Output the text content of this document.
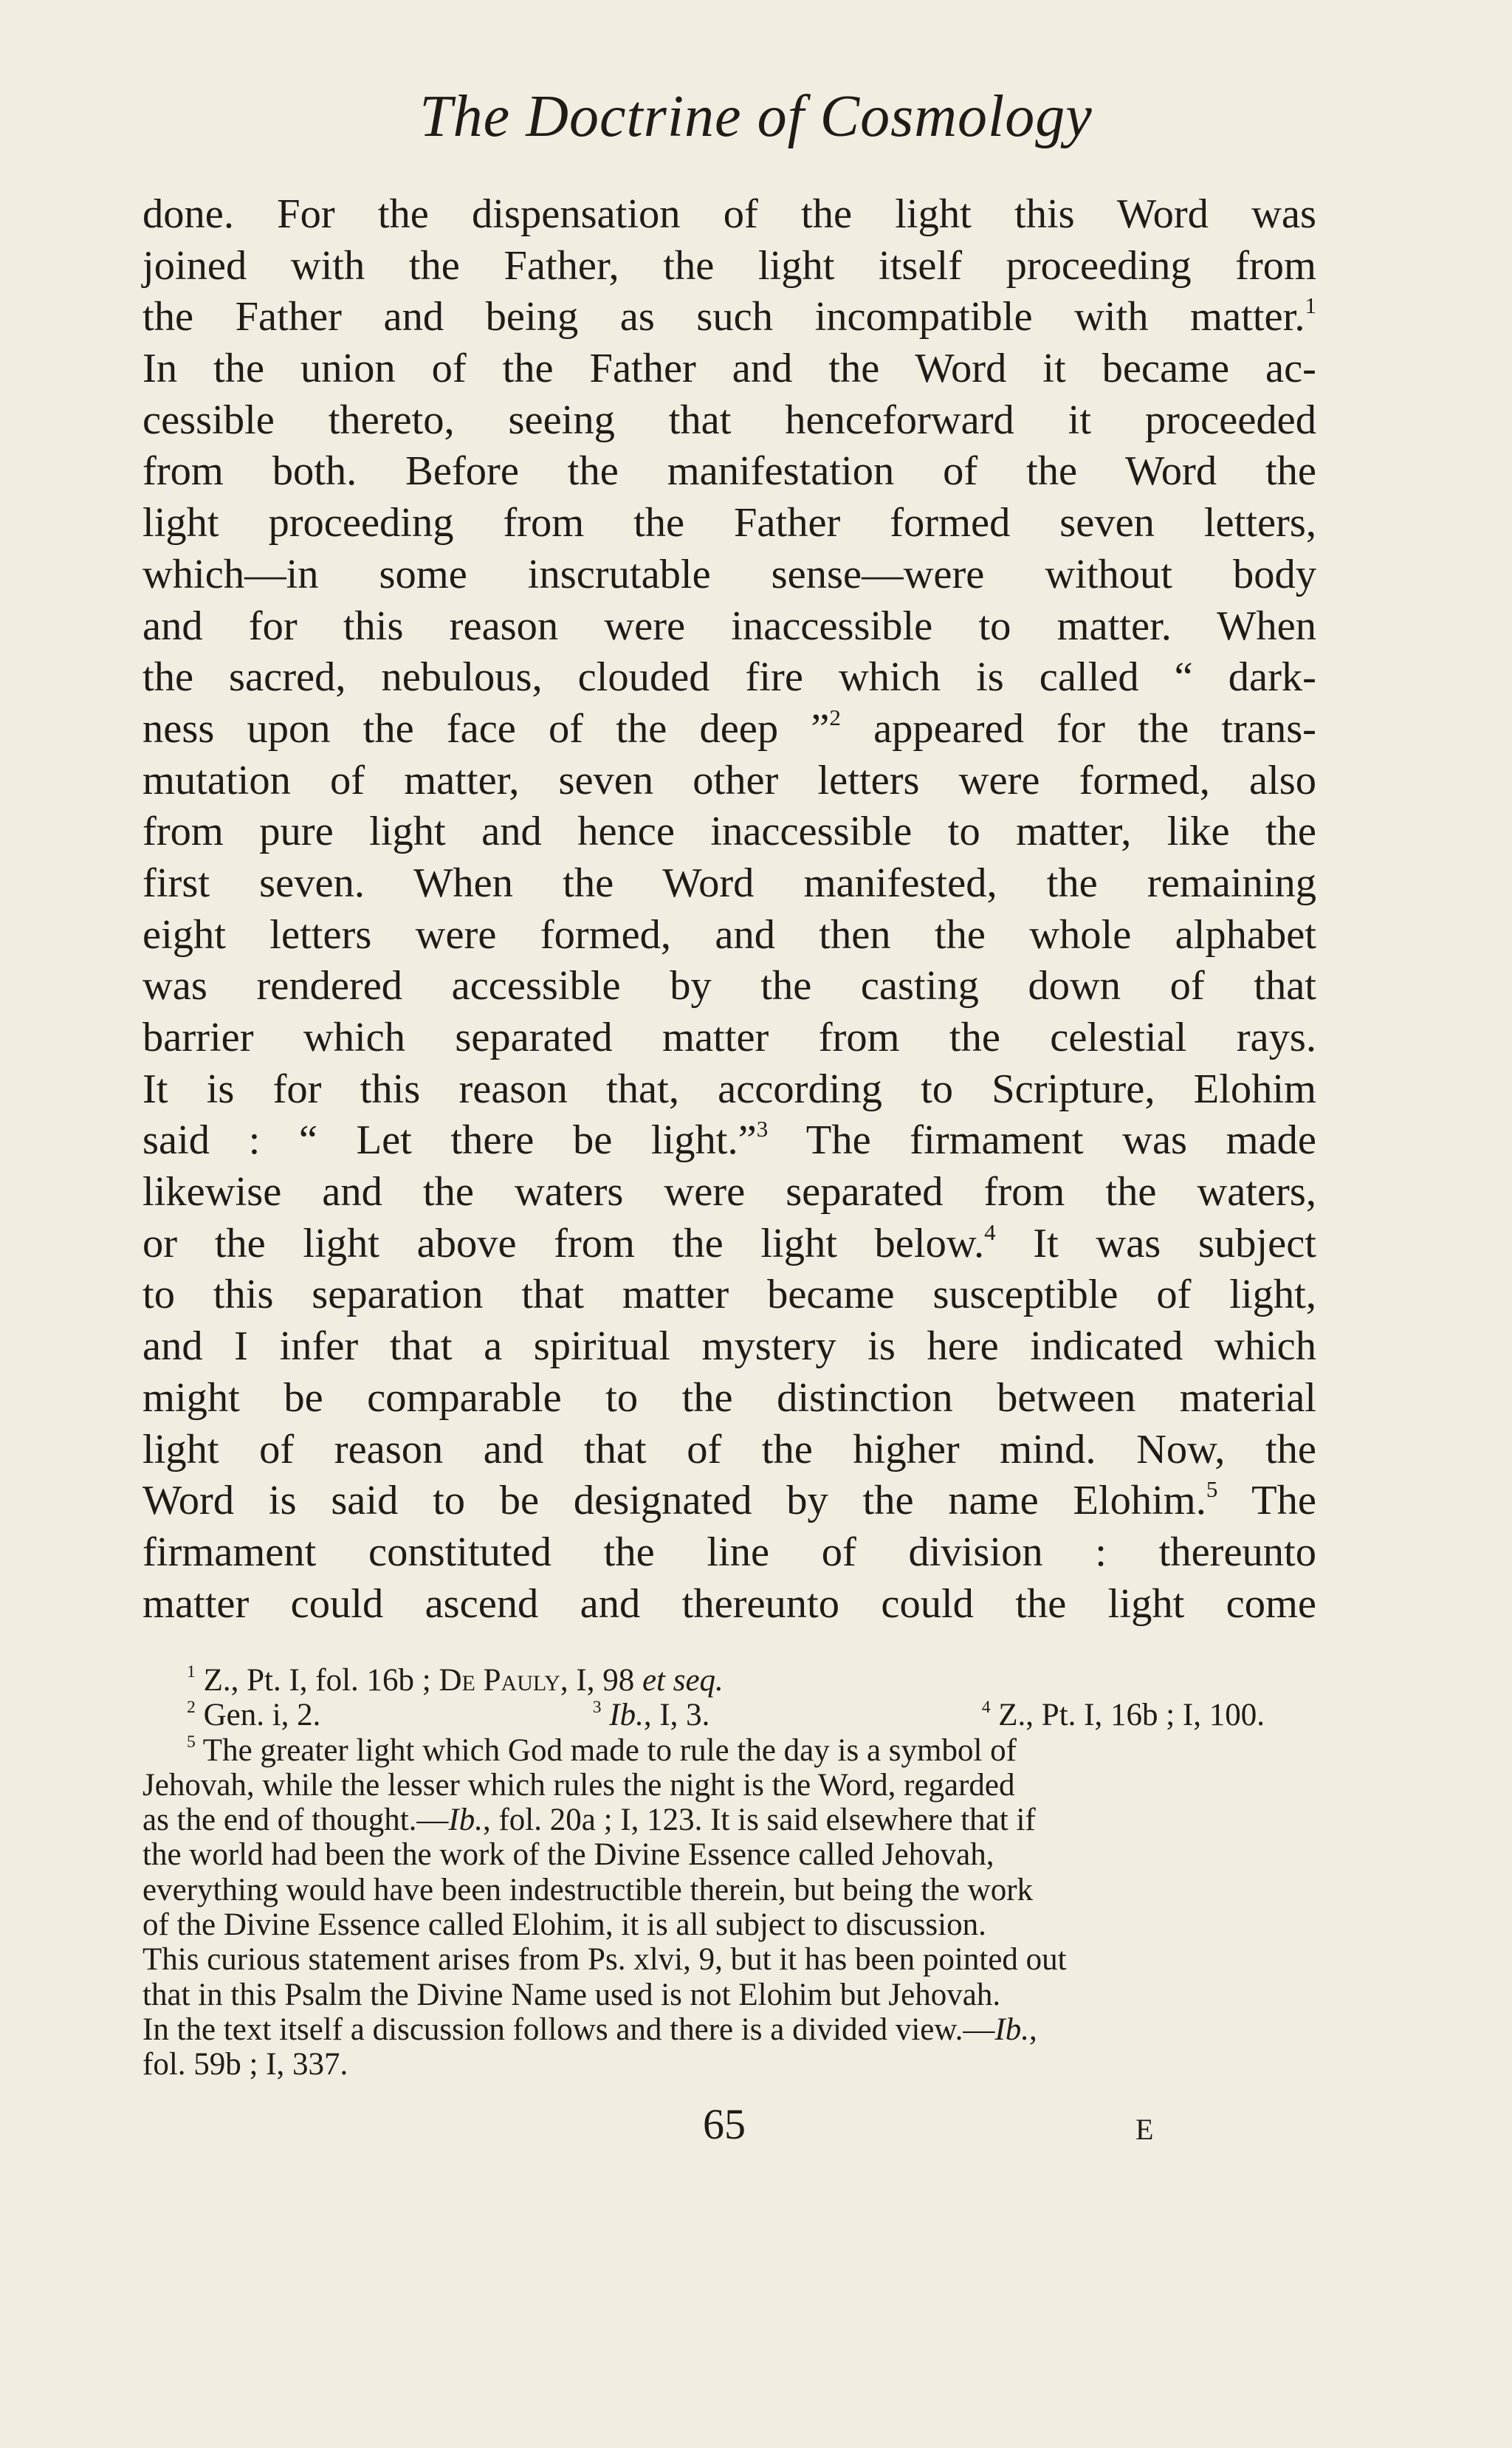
The Doctrine of Cosmology
done. For the dispensation of the light this Word was
joined with the Father, the light itself proceeding from
the Father and being as such incompatible with matter.$^1$
In the union of the Father and the Word it became ac-
cessible thereto, seeing that henceforward it proceeded
from both. Before the manifestation of the Word the
light proceeding from the Father formed seven letters,
which—in some inscrutable sense—were without body
and for this reason were inaccessible to matter. When
the sacred, nebulous, clouded fire which is called “ dark-
ness upon the face of the deep ”$^2$ appeared for the trans-
mutation of matter, seven other letters were formed, also
from pure light and hence inaccessible to matter, like the
first seven. When the Word manifested, the remaining
eight letters were formed, and then the whole alphabet
was rendered accessible by the casting down of that
barrier which separated matter from the celestial rays.
It is for this reason that, according to Scripture, Elohim
said : “ Let there be light.”$^3$ The firmament was made
likewise and the waters were separated from the waters,
or the light above from the light below.$^4$ It was subject
to this separation that matter became susceptible of light,
and I infer that a spiritual mystery is here indicated which
might be comparable to the distinction between material
light of reason and that of the higher mind. Now, the
Word is said to be designated by the name Elohim.$^5$ The
firmament constituted the line of division : thereunto
matter could ascend and thereunto could the light come
$^1$ Z., Pt. I, fol. 16b ; De Pauly, I, 98 et seq.
$^2$ Gen. i, 2.	$^3$ Ib., I, 3.	$^4$ Z., Pt. I, 16b ; I, 100.
$^5$ The greater light which God made to rule the day is a symbol of
Jehovah, while the lesser which rules the night is the Word, regarded
as the end of thought.—Ib., fol. 20a ; I, 123. It is said elsewhere that if
the world had been the work of the Divine Essence called Jehovah,
everything would have been indestructible therein, but being the work
of the Divine Essence called Elohim, it is all subject to discussion.
This curious statement arises from Ps. xlvi, 9, but it has been pointed out
that in this Psalm the Divine Name used is not Elohim but Jehovah.
In the text itself a discussion follows and there is a divided view.—Ib.,
fol. 59b ; I, 337.
65	E
